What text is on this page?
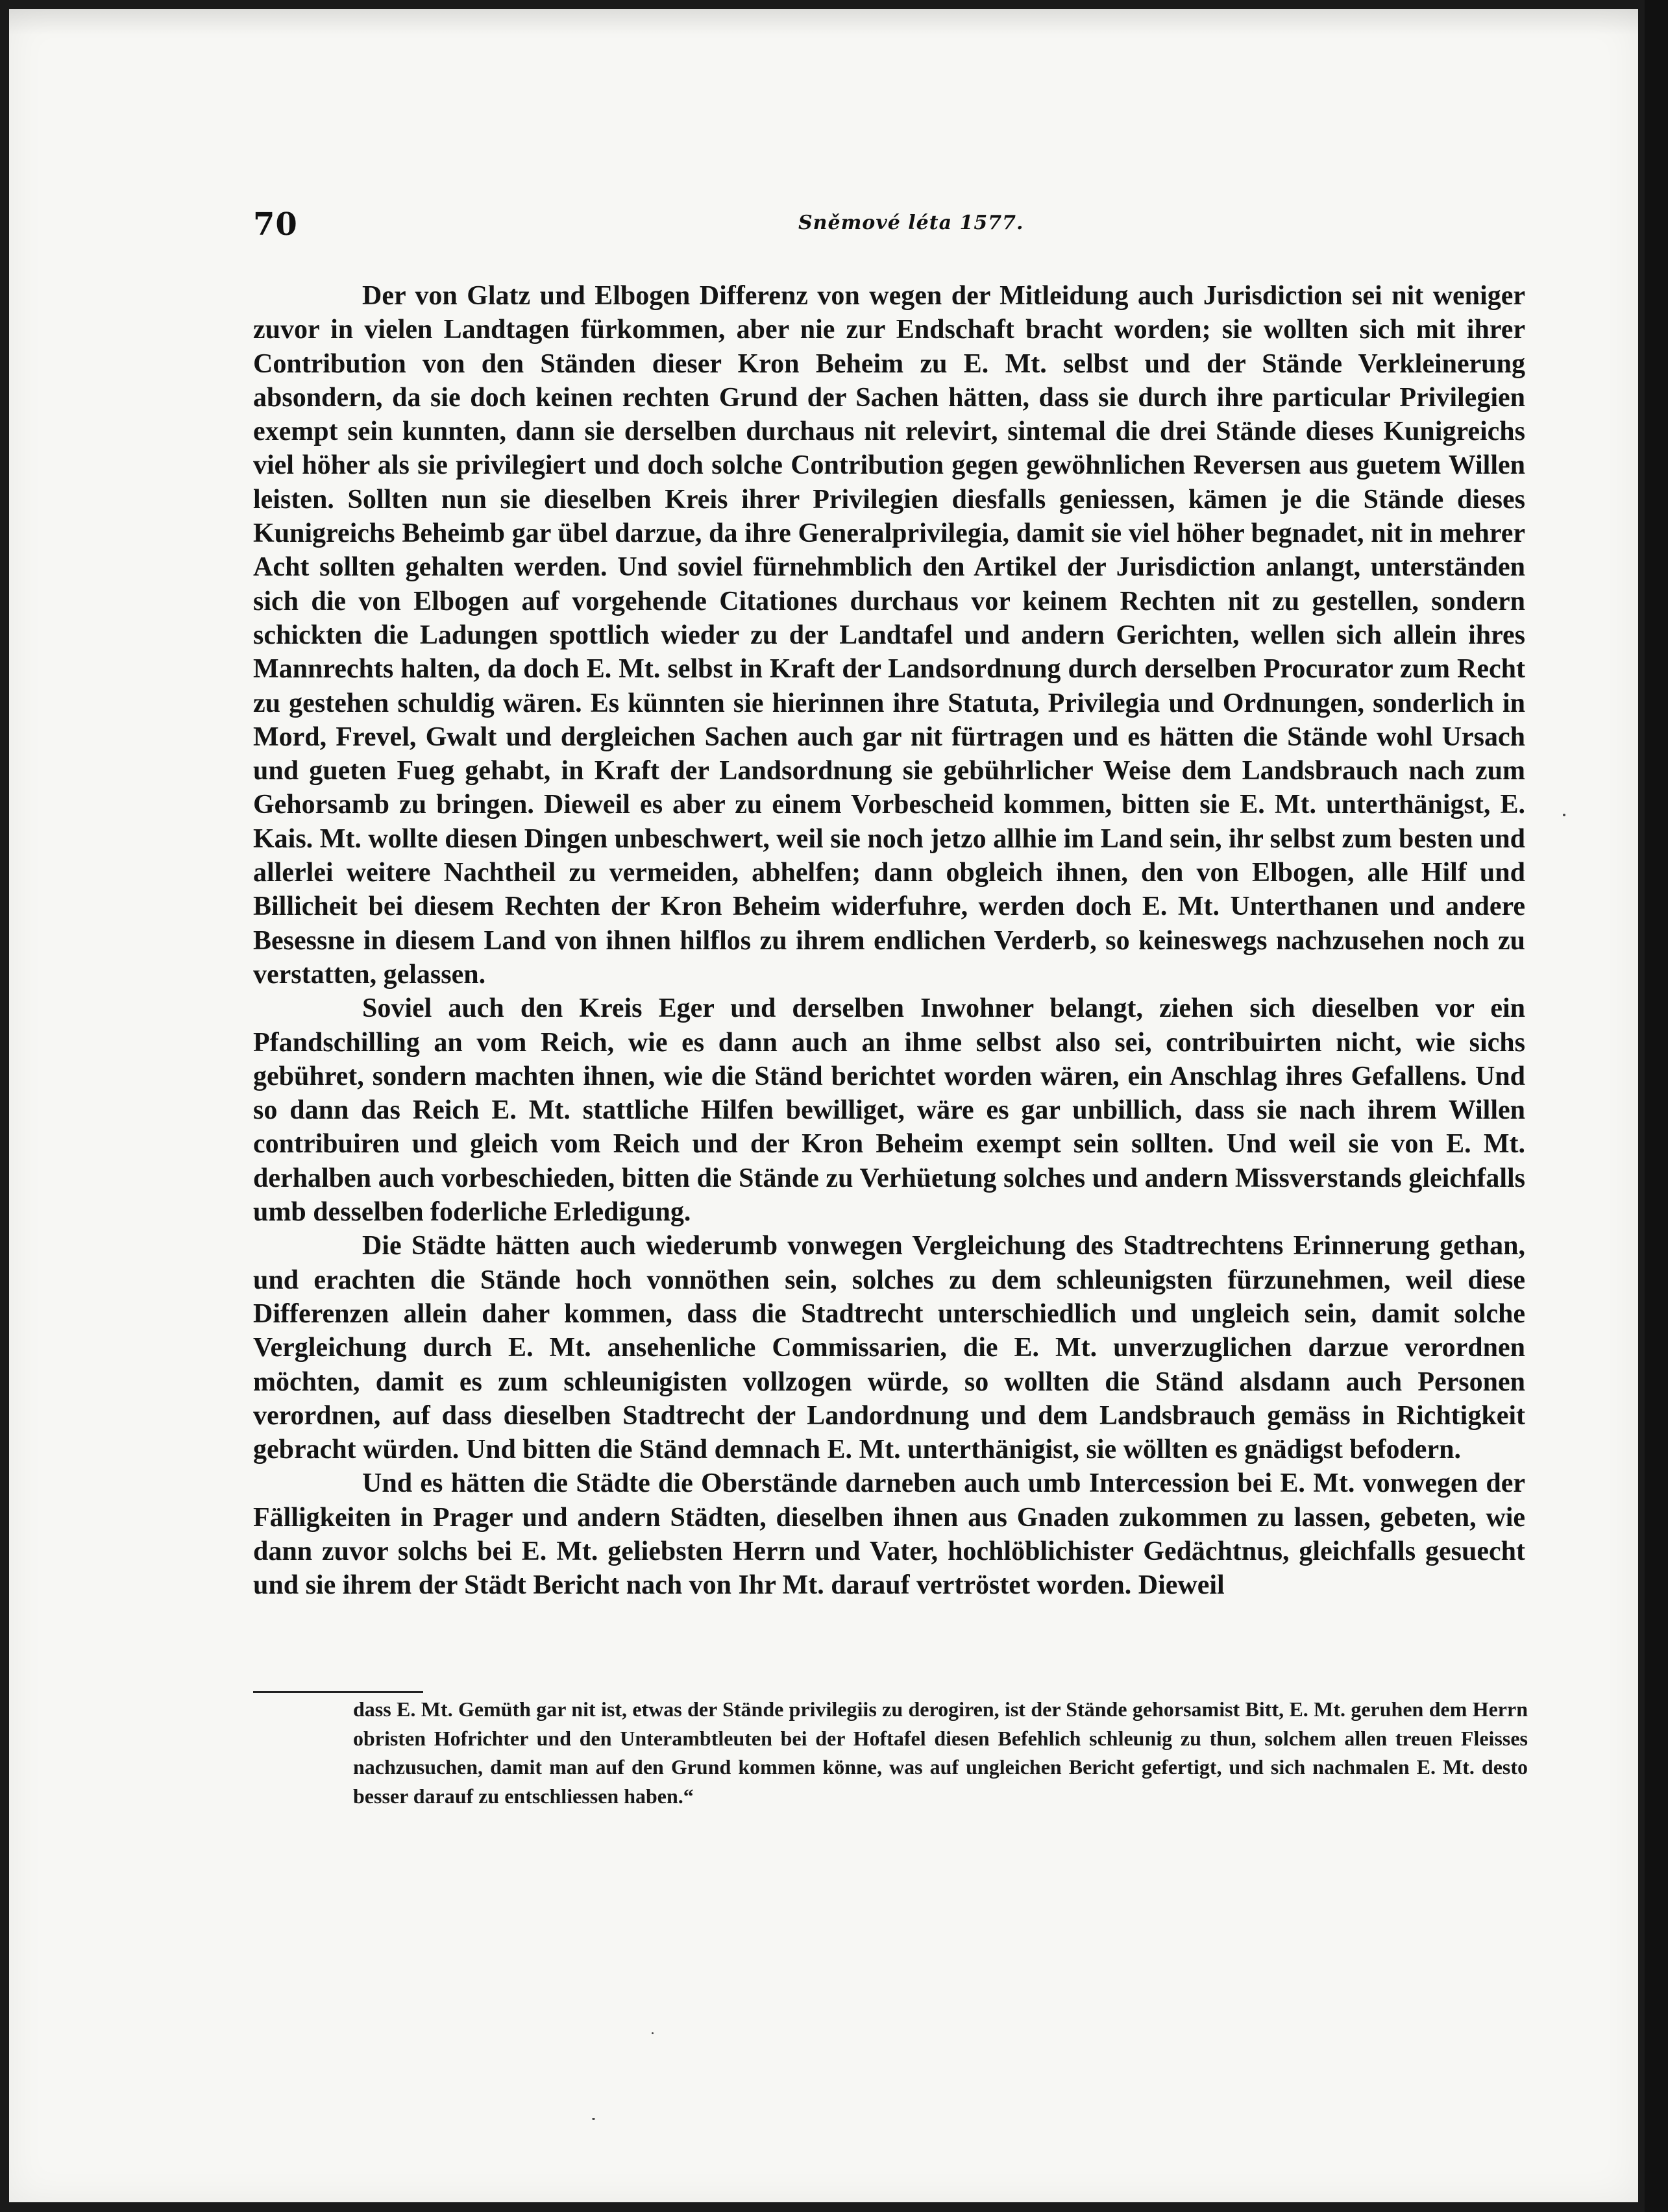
70	Sněmové léta 1577.

Der von Glatz und Elbogen Differenz von wegen der Mitleidung auch Jurisdiction sei nit weniger zuvor in vielen Landtagen fürkommen, aber nie zur Endschaft bracht worden; sie wollten sich mit ihrer Contribution von den Ständen dieser Kron Beheim zu E. Mt. selbst und der Stände Verkleinerung absondern, da sie doch keinen rechten Grund der Sachen hätten, dass sie durch ihre particular Privilegien exempt sein kunnten, dann sie derselben durchaus nit relevirt, sintemal die drei Stände dieses Kunigreichs viel höher als sie privilegiert und doch solche Contribution gegen gewöhnlichen Reversen aus guetem Willen leisten. Sollten nun sie dieselben Kreis ihrer Privilegien diesfalls geniessen, kämen je die Stände dieses Kunigreichs Beheimb gar übel darzue, da ihre Generalprivilegia, damit sie viel höher begnadet, nit in mehrer Acht sollten gehalten werden. Und soviel fürnehmblich den Artikel der Jurisdiction anlangt, unterständen sich die von Elbogen auf vorgehende Citationes durchaus vor keinem Rechten nit zu gestellen, sondern schickten die Ladungen spottlich wieder zu der Landtafel und andern Gerichten, wellen sich allein ihres Mannrechts halten, da doch E. Mt. selbst in Kraft der Landsordnung durch derselben Procurator zum Recht zu gestehen schuldig wären. Es künnten sie hierinnen ihre Statuta, Privilegia und Ordnungen, sonderlich in Mord, Frevel, Gwalt und dergleichen Sachen auch gar nit fürtragen und es hätten die Stände wohl Ursach und gueten Fueg gehabt, in Kraft der Landsordnung sie gebührlicher Weise dem Landsbrauch nach zum Gehorsamb zu bringen. Dieweil es aber zu einem Vorbescheid kommen, bitten sie E. Mt. unterthänigst, E. Kais. Mt. wollte diesen Dingen unbeschwert, weil sie noch jetzo allhie im Land sein, ihr selbst zum besten und allerlei weitere Nachtheil zu vermeiden, abhelfen; dann obgleich ihnen, den von Elbogen, alle Hilf und Billicheit bei diesem Rechten der Kron Beheim widerfuhre, werden doch E. Mt. Unterthanen und andere Besessne in diesem Land von ihnen hilflos zu ihrem endlichen Verderb, so keineswegs nachzusehen noch zu verstatten, gelassen.

Soviel auch den Kreis Eger und derselben Inwohner belangt, ziehen sich dieselben vor ein Pfandschilling an vom Reich, wie es dann auch an ihme selbst also sei, contribuirten nicht, wie sichs gebühret, sondern machten ihnen, wie die Ständ berichtet worden wären, ein Anschlag ihres Gefallens. Und so dann das Reich E. Mt. stattliche Hilfen bewilliget, wäre es gar unbillich, dass sie nach ihrem Willen contribuiren und gleich vom Reich und der Kron Beheim exempt sein sollten. Und weil sie von E. Mt. derhalben auch vorbeschieden, bitten die Stände zu Verhüetung solches und andern Missverstands gleichfalls umb desselben foderliche Erledigung.

Die Städte hätten auch wiederumb vonwegen Vergleichung des Stadtrechtens Erinnerung gethan, und erachten die Stände hoch vonnöthen sein, solches zu dem schleunigsten fürzunehmen, weil diese Differenzen allein daher kommen, dass die Stadtrecht unterschiedlich und ungleich sein, damit solche Vergleichung durch E. Mt. ansehenliche Commissarien, die E. Mt. unverzuglichen darzue verordnen möchten, damit es zum schleunigisten vollzogen würde, so wollten die Ständ alsdann auch Personen verordnen, auf dass dieselben Stadtrecht der Landordnung und dem Landsbrauch gemäss in Richtigkeit gebracht würden. Und bitten die Ständ demnach E. Mt. unterthänigist, sie wöllten es gnädigst befodern.

Und es hätten die Städte die Oberstände darneben auch umb Intercession bei E. Mt. vonwegen der Fälligkeiten in Prager und andern Städten, dieselben ihnen aus Gnaden zukommen zu lassen, gebeten, wie dann zuvor solchs bei E. Mt. geliebsten Herrn und Vater, hochlöblichister Gedächtnus, gleichfalls gesuecht und sie ihrem der Städt Bericht nach von Ihr Mt. darauf vertröstet worden. Dieweil

dass E. Mt. Gemüth gar nit ist, etwas der Stände privilegiis zu derogiren, ist der Stände gehorsamist Bitt, E. Mt. geruhen dem Herrn obristen Hofrichter und den Unterambtleuten bei der Hoftafel diesen Befehlich schleunig zu thun, solchem allen treuen Fleisses nachzusuchen, damit man auf den Grund kommen könne, was auf ungleichen Bericht gefertigt, und sich nachmalen E. Mt. desto besser darauf zu entschliessen haben.“
